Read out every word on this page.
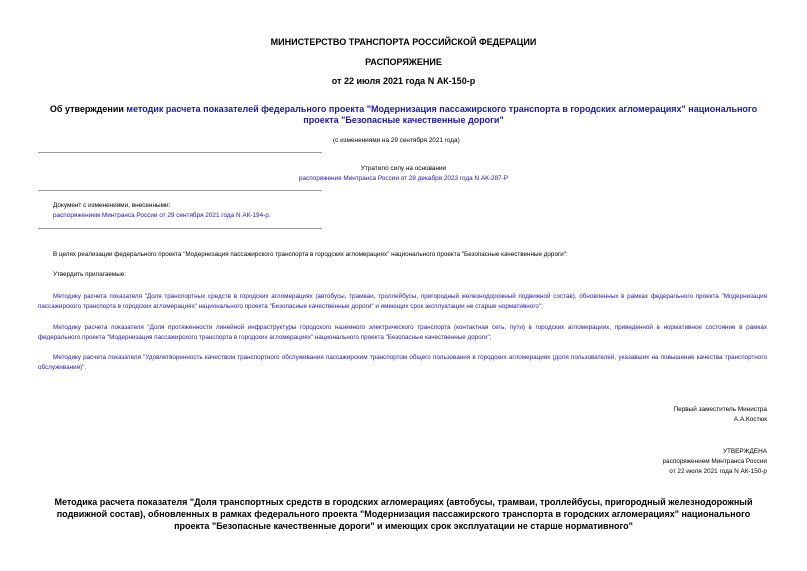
МИНИСТЕРСТВО ТРАНСПОРТА РОССИЙСКОЙ ФЕДЕРАЦИИ
РАСПОРЯЖЕНИЕ
от 22 июля 2021 года N АК-150-р
Об утверждении методик расчета показателей федерального проекта "Модернизация пассажирского транспорта в городских агломерациях" национального проекта "Безопасные качественные дороги"
(с изменениями на 29 сентября 2021 года)
Утратило силу на основании
распоряжения Минтранса России от 28 декабря 2023 года N АК-287-Р
Документ с изменениями, внесенными:
распоряжением Минтранса России от 29 сентября 2021 года N АК-194-р.

В целях реализации федерального проекта "Модернизация пассажирского транспорта в городских агломерациях" национального проекта "Безопасные качественные дороги":

Утвердить прилагаемые:

Методику расчета показателя "Доля транспортных средств в городских агломерациях (автобусы, трамваи, троллейбусы, пригородный железнодорожный подвижной состав), обновленных в рамках федерального проекта "Модернизация пассажирского транспорта в городских агломерациях" национального проекта "Безопасные качественные дороги" и имеющих срок эксплуатации не старше нормативного";

Методику расчета показателя "Доля протяженности линейной инфраструктуры городского наземного электрического транспорта (контактная сеть, пути) в городских агломерациях, приведенной в нормативное состояние в рамках федерального проекта "Модернизация пассажирского транспорта в городских агломерациях" национального проекта "Безопасные качественные дороги";

Методику расчета показателя "Удовлетворенность качеством транспортного обслуживания пассажирским транспортом общего пользования в городских агломерациях (доля пользователей, указавших на повышение качества транспортного обслуживания)".

Первый заместитель Министра
А.А.Костюк
УТВЕРЖДЕНА
распоряжением Минтранса России
от 22 июля 2021 года N АК-150-р
Методика расчета показателя "Доля транспортных средств в городских агломерациях (автобусы, трамваи, троллейбусы, пригородный железнодорожный подвижной состав), обновленных в рамках федерального проекта "Модернизация пассажирского транспорта в городских агломерациях" национального проекта "Безопасные качественные дороги" и имеющих срок эксплуатации не старше нормативного"
